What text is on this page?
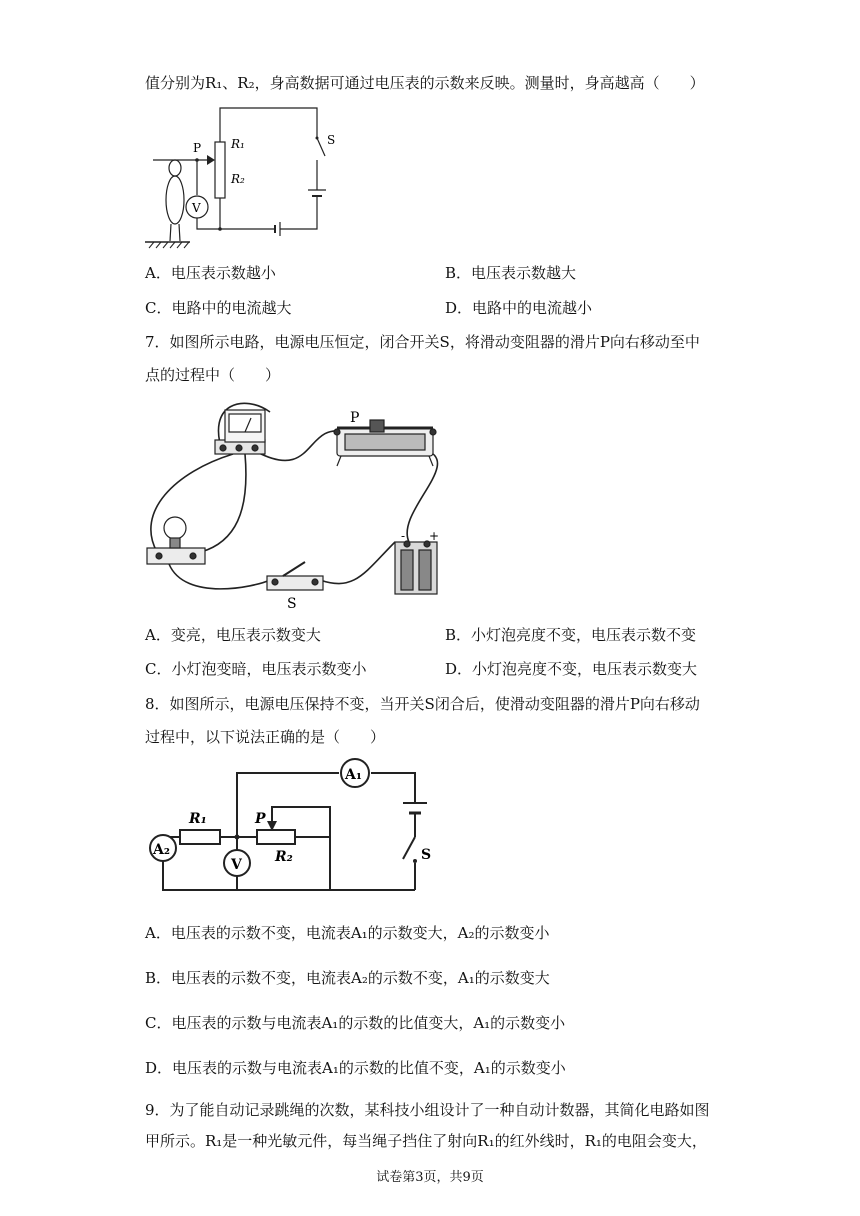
值分别为R₁、R₂，身高数据可通过电压表的示数来反映。测量时，身高越高（　　）
P R₁
R₂
S
V
A．电压表示数越小	B．电压表示数越大
C．电路中的电流越大	D．电路中的电流越小
7．如图所示电路，电源电压恒定，闭合开关S，将滑动变阻器的滑片P向右移动至中
点的过程中（　　）
P
S
- +
A．变亮，电压表示数变大	B．小灯泡亮度不变，电压表示数不变
C．小灯泡变暗，电压表示数变小	D．小灯泡亮度不变，电压表示数变大
8．如图所示，电源电压保持不变，当开关S闭合后，使滑动变阻器的滑片P向右移动
过程中，以下说法正确的是（　　）
A₁
A₂
V
R₁
R₂
P
S
A．电压表的示数不变，电流表A₁的示数变大，A₂的示数变小
B．电压表的示数不变，电流表A₂的示数不变，A₁的示数变大
C．电压表的示数与电流表A₁的示数的比值变大，A₁的示数变小
D．电压表的示数与电流表A₁的示数的比值不变，A₁的示数变小
9．为了能自动记录跳绳的次数，某科技小组设计了一种自动计数器，其简化电路如图
甲所示。R₁是一种光敏元件，每当绳子挡住了射向R₁的红外线时，R₁的电阻会变大，
试卷第3页，共9页
